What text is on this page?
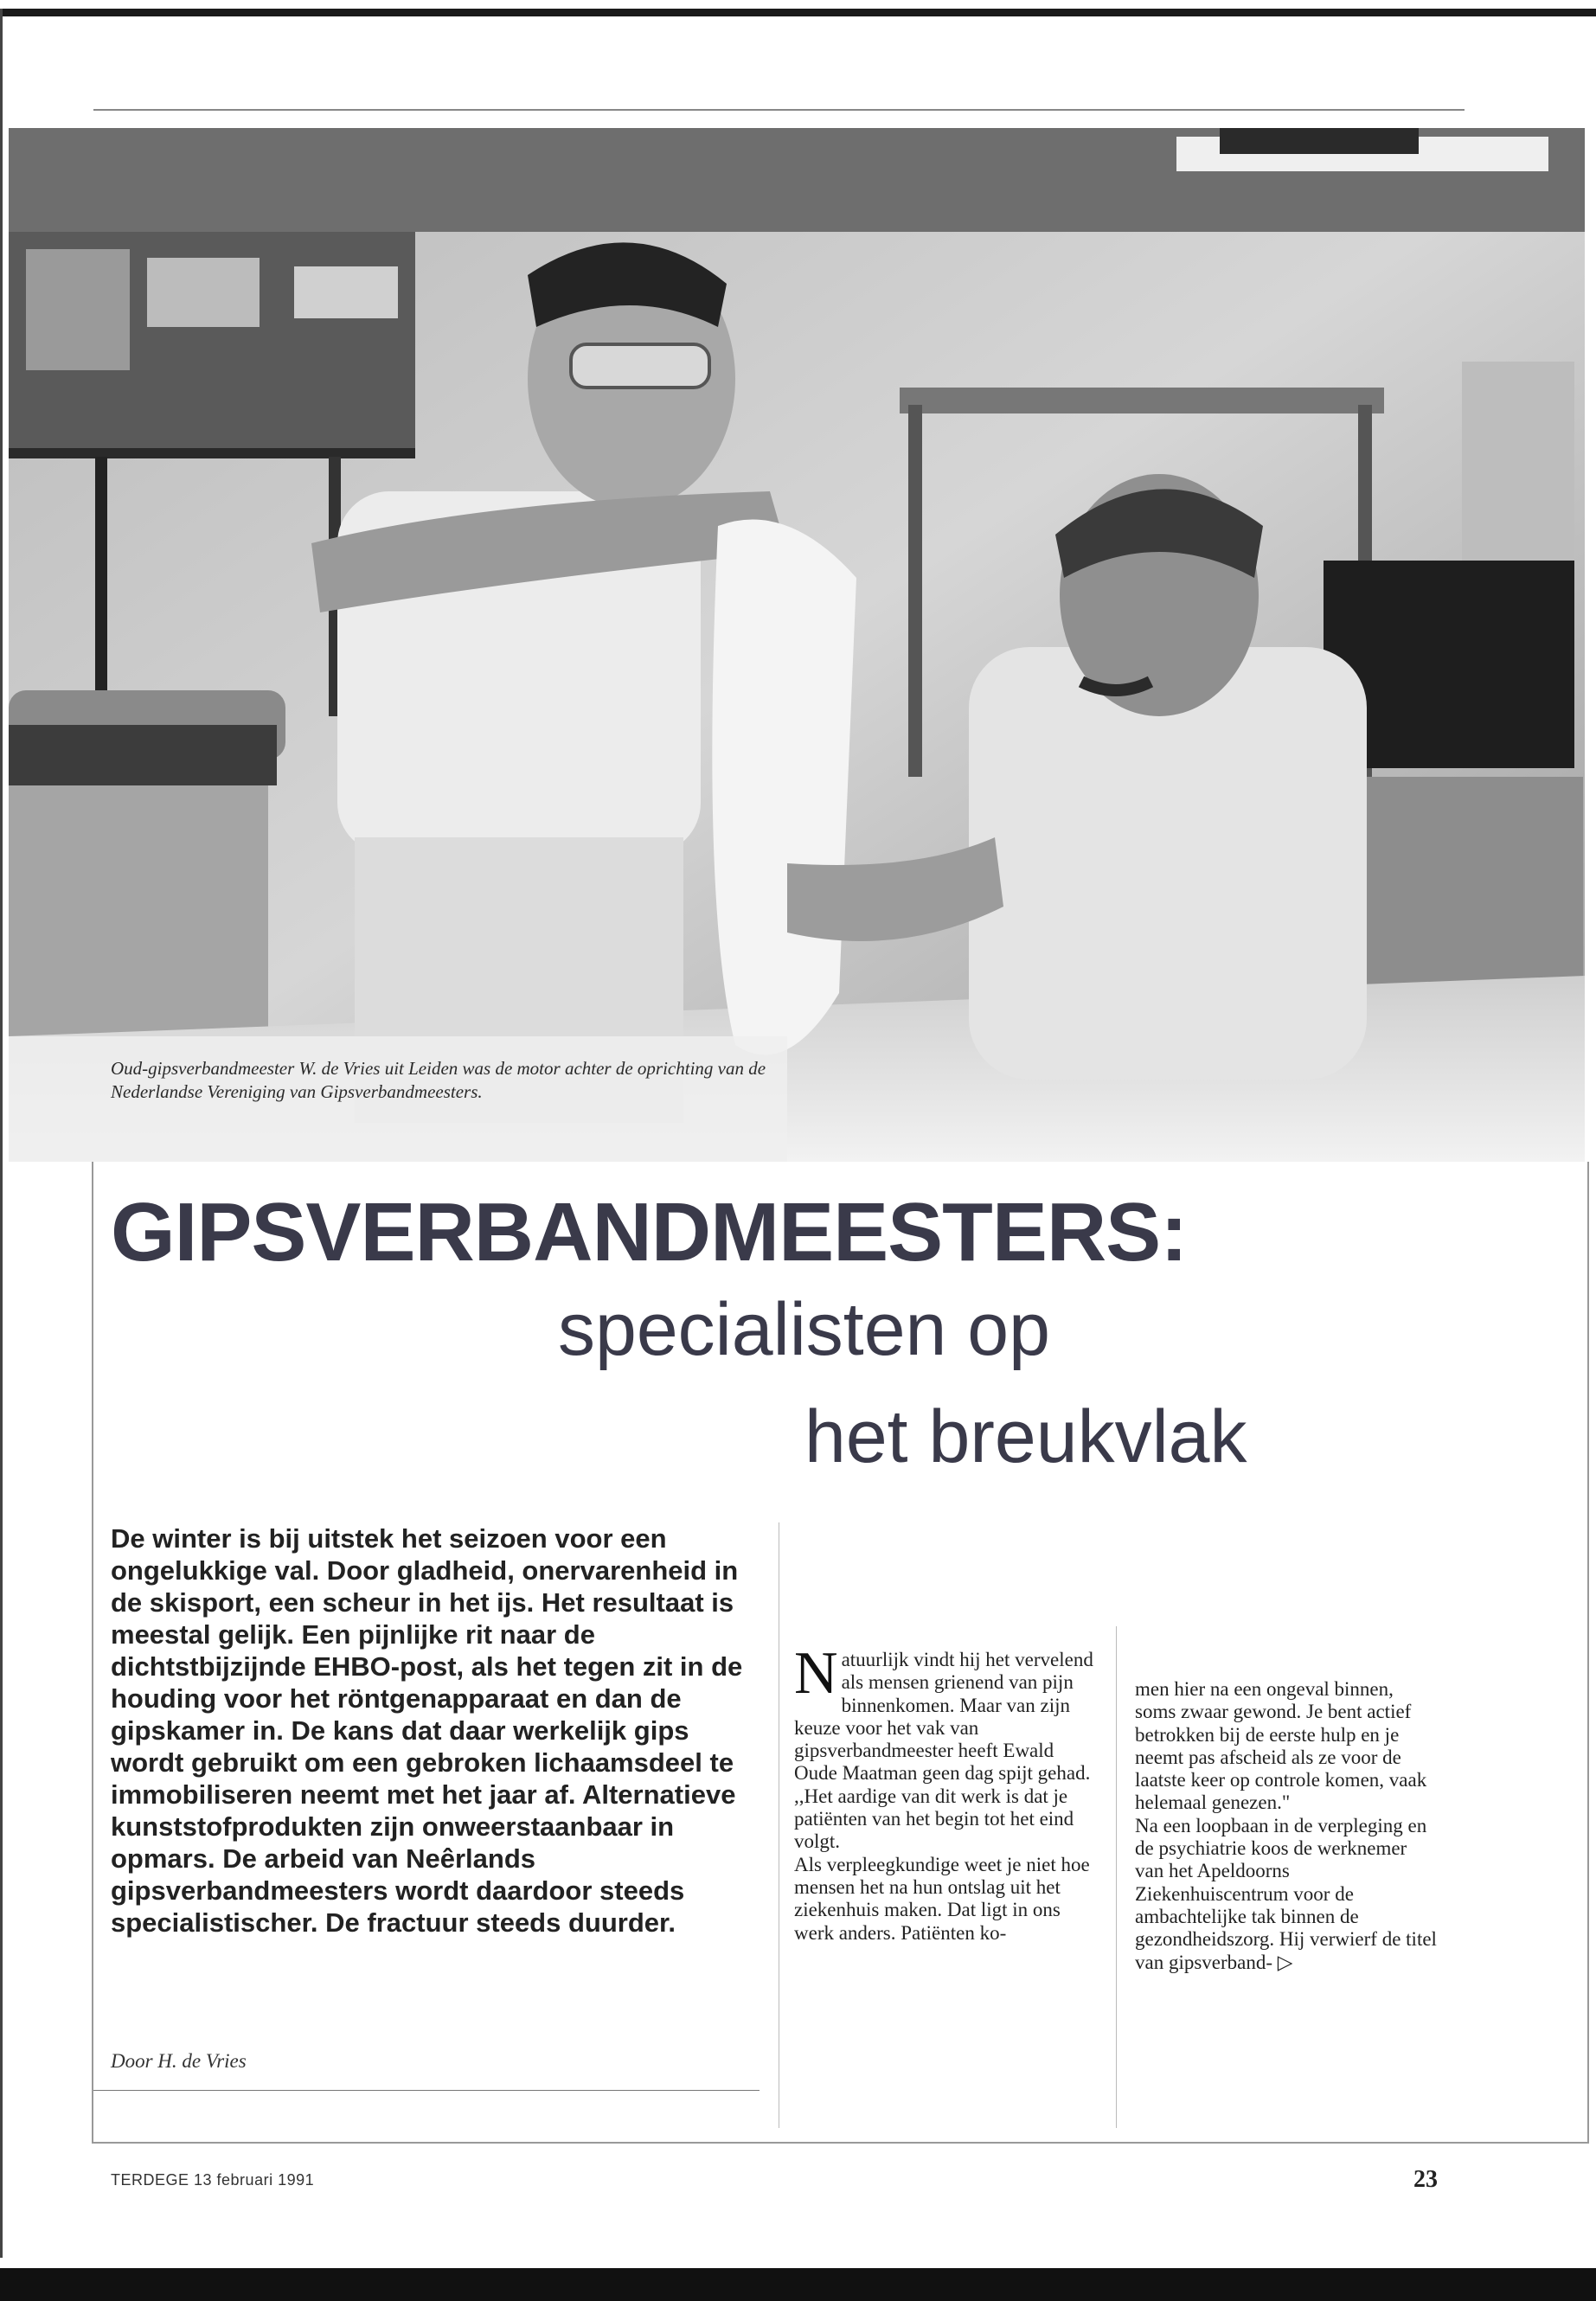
Oud-gipsverbandmeester W. de Vries uit Leiden was de motor achter de oprichting van de Nederlandse Vereniging van Gipsverbandmeesters.
GIPSVERBANDMEESTERS:
specialisten op
het breukvlak
De winter is bij uitstek het seizoen voor een ongelukkige val. Door gladheid, onervarenheid in de skisport, een scheur in het ijs. Het resultaat is meestal gelijk. Een pijnlijke rit naar de dichtstbijzijnde EHBO-post, als het tegen zit in de houding voor het röntgenapparaat en dan de gipskamer in. De kans dat daar werkelijk gips wordt gebruikt om een gebroken lichaamsdeel te immobiliseren neemt met het jaar af. Alternatieve kunststofprodukten zijn onweerstaanbaar in opmars. De arbeid van Neêrlands gipsverbandmeesters wordt daardoor steeds specialistischer. De fractuur steeds duurder.
Door H. de Vries
N atuurlijk vindt hij het vervelend als mensen grienend van pijn binnenkomen. Maar van zijn keuze voor het vak van gipsverbandmeester heeft Ewald Oude Maatman geen dag spijt gehad. ,,Het aardige van dit werk is dat je patiënten van het begin tot het eind volgt.

Als verpleegkundige weet je niet hoe mensen het na hun ontslag uit het ziekenhuis maken. Dat ligt in ons werk anders. Patiënten ko-

men hier na een ongeval binnen, soms zwaar gewond. Je bent actief betrokken bij de eerste hulp en je neemt pas afscheid als ze voor de laatste keer op controle komen, vaak helemaal genezen."

Na een loopbaan in de verpleging en de psychiatrie koos de werknemer van het Apeldoorns Ziekenhuiscentrum voor de ambachtelijke tak binnen de gezondheidszorg. Hij verwierf de titel van gipsverband- ▷

TERDEGE 13 februari 1991	23
